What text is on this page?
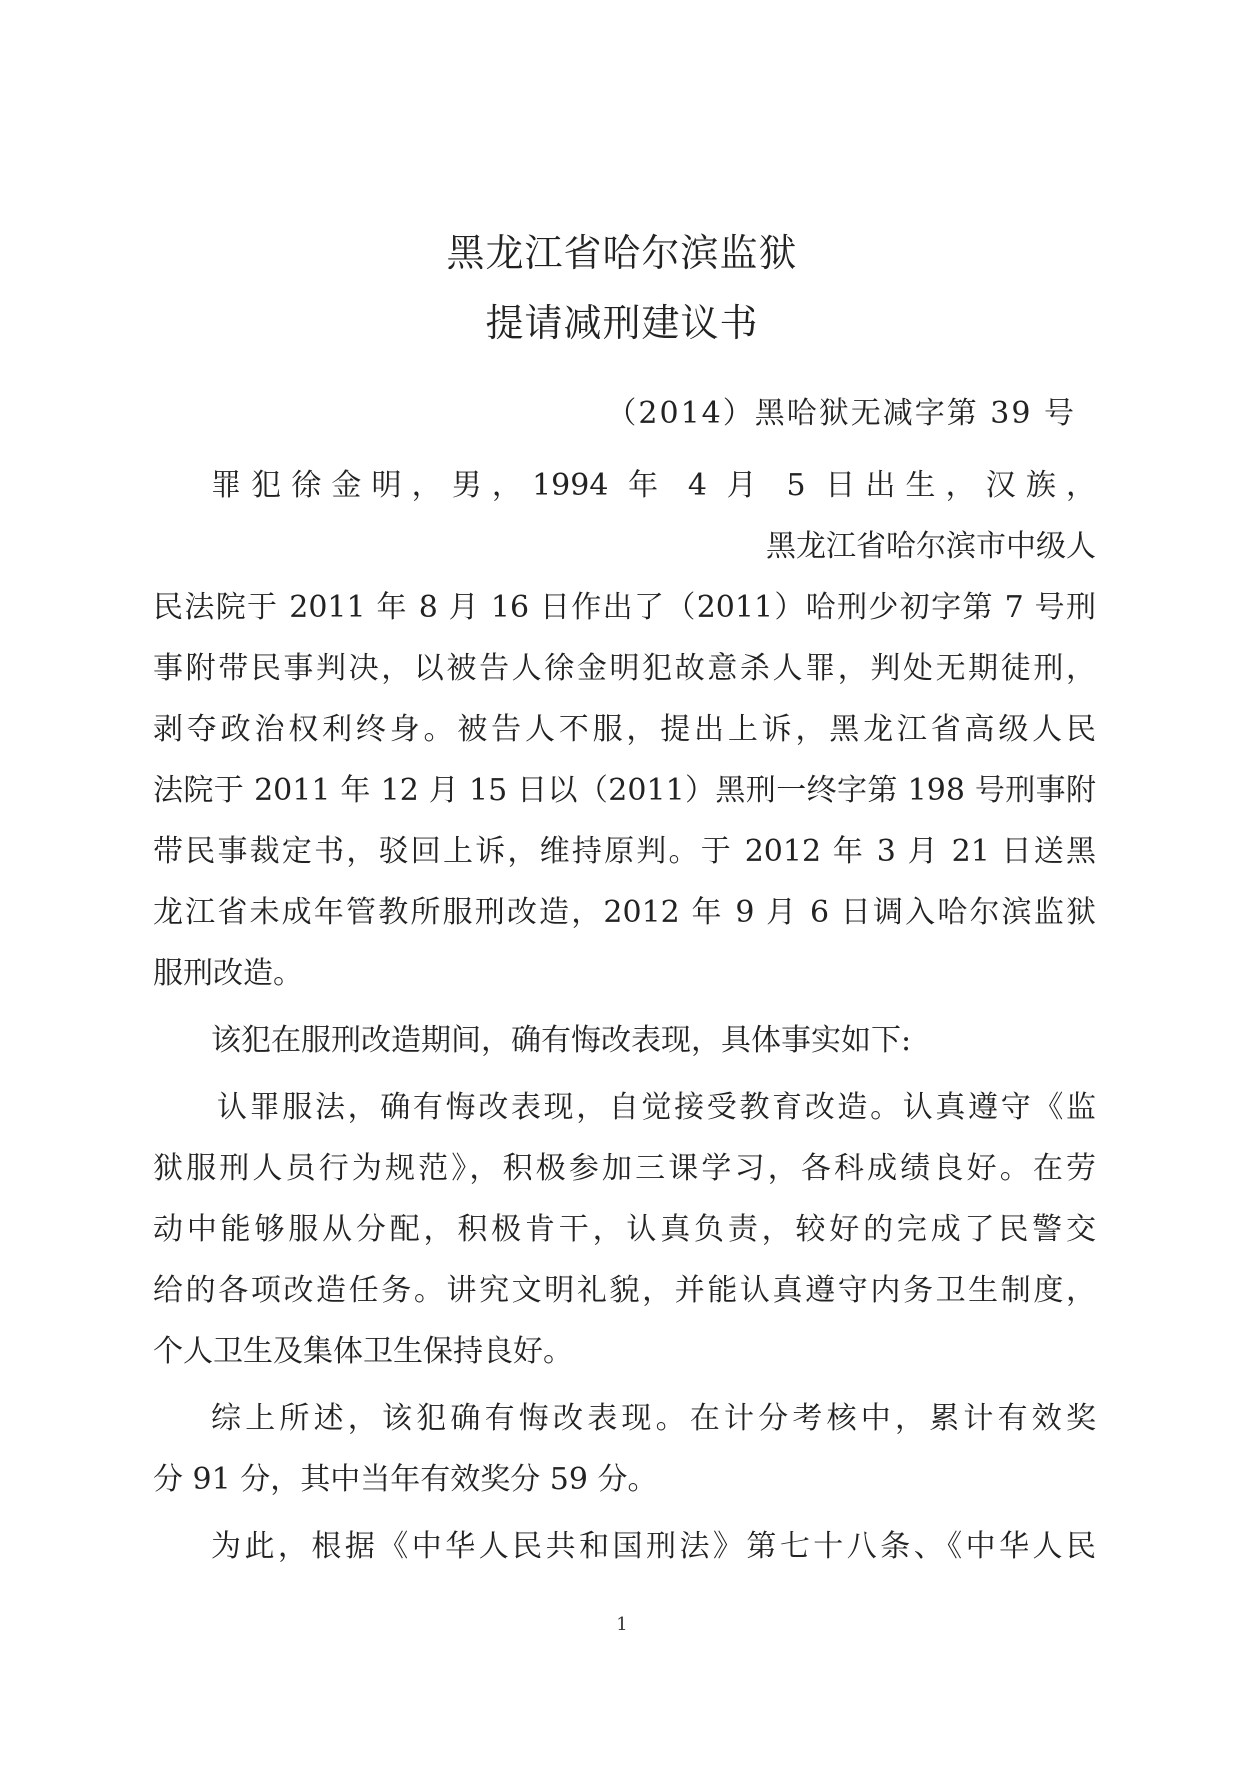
黑龙江省哈尔滨监狱
提请减刑建议书
（2014）黑哈狱无减字第 39 号
罪犯徐金明，男，1994 年 4 月 5 日出生，汉族，
黑龙江省哈尔滨市中级人
民法院于 2011 年 8 月 16 日作出了（2011）哈刑少初字第 7 号刑
事附带民事判决，以被告人徐金明犯故意杀人罪，判处无期徒刑，
剥夺政治权利终身。被告人不服，提出上诉，黑龙江省高级人民
法院于 2011 年 12 月 15 日以（2011）黑刑一终字第 198 号刑事附
带民事裁定书，驳回上诉，维持原判。于 2012 年 3 月 21 日送黑
龙江省未成年管教所服刑改造，2012 年 9 月 6 日调入哈尔滨监狱
服刑改造。
该犯在服刑改造期间，确有悔改表现，具体事实如下:
认罪服法，确有悔改表现，自觉接受教育改造。认真遵守《监
狱服刑人员行为规范》，积极参加三课学习，各科成绩良好。在劳
动中能够服从分配，积极肯干，认真负责，较好的完成了民警交
给的各项改造任务。讲究文明礼貌，并能认真遵守内务卫生制度，
个人卫生及集体卫生保持良好。
综上所述，该犯确有悔改表现。在计分考核中，累计有效奖
分 91 分，其中当年有效奖分 59 分。
为此，根据《中华人民共和国刑法》第七十八条、《中华人民
1
